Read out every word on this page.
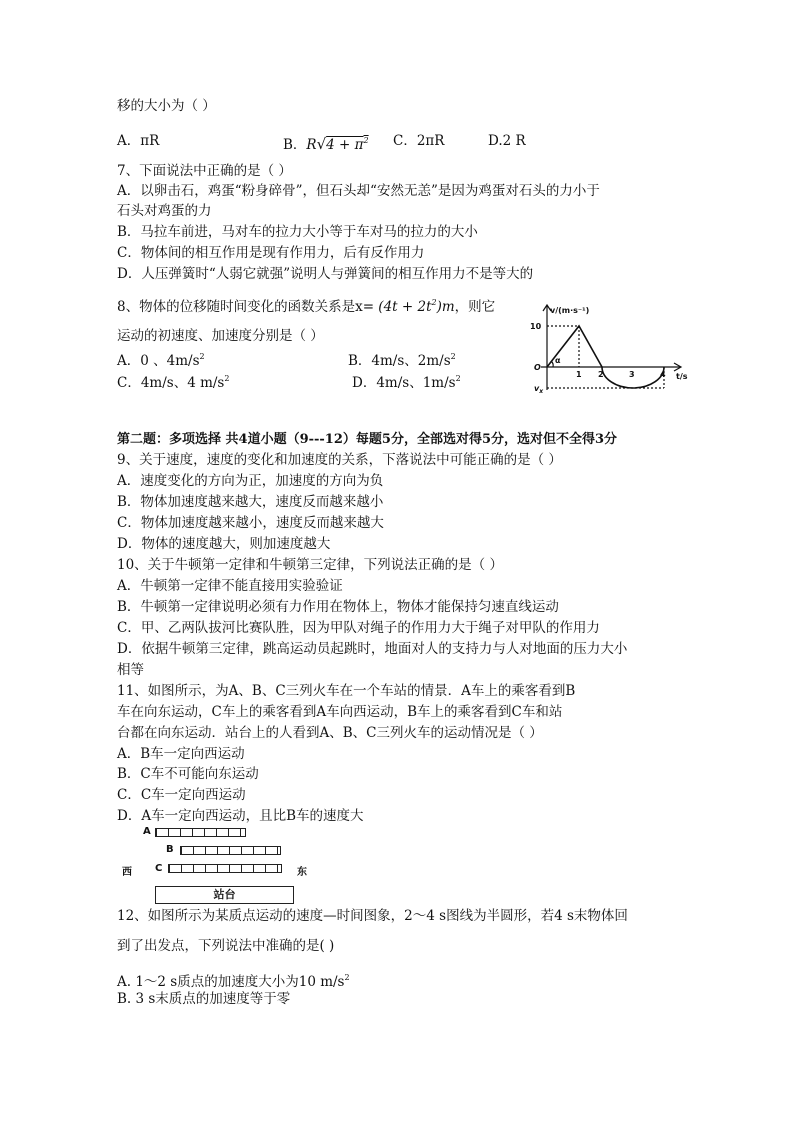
移的大小为（ ）
A．πR	B．$R√4 + \pi^2$ C．2πR	D.2 R
7、下面说法中正确的是（ ）
A．以卵击石，鸡蛋“粉身碎骨”，但石头却“安然无恙”是因为鸡蛋对石头的力小于
石头对鸡蛋的力
B．马拉车前进，马对车的拉力大小等于车对马的拉力的大小
C．物体间的相互作用是现有作用力，后有反作用力
D．人压弹簧时“人弱它就强”说明人与弹簧间的相互作用力不是等大的
8、物体的位移随时间变化的函数关系是$x= (4t + 2t^2)m$，则它
运动的初速度、加速度分别是（ ）
A．0 、$4m/s^2$	B．4m/s、$2m/s^2$
C．4m/s、4 $m/s^2$	D．4m/s、$1m/s^2$
v/(m·s⁻¹)
t/s
10
O
α
$v_x$
1 2	3	4
第二题：多项选择 共4道小题（9---12）每题5分，全部选对得5分，选对但不全得3分
9、关于速度，速度的变化和加速度的关系，下落说法中可能正确的是（ ）
A．速度变化的方向为正，加速度的方向为负
B．物体加速度越来越大，速度反而越来越小
C．物体加速度越来越小，速度反而越来越大
D．物体的速度越大，则加速度越大
10、关于牛顿第一定律和牛顿第三定律，下列说法正确的是（ ）
A．牛顿第一定律不能直接用实验验证
B．牛顿第一定律说明必须有力作用在物体上，物体才能保持匀速直线运动
C．甲、乙两队拔河比赛队胜，因为甲队对绳子的作用力大于绳子对甲队的作用力
D．依据牛顿第三定律，跳高运动员起跳时，地面对人的支持力与人对地面的压力大小
相等
11、如图所示，为A、B、C三列火车在一个车站的情景．A车上的乘客看到B
车在向东运动，C车上的乘客看到A车向西运动，B车上的乘客看到C车和站
台都在向东运动．站台上的人看到A、B、C三列火车的运动情况是（ ）
A．B车一定向西运动
B．C车不可能向东运动
C．C车一定向西运动
D．A车一定向西运动，且比B车的速度大
A
B
西 C	东
站台
12、如图所示为某质点运动的速度—时间图象，2～4 s图线为半圆形，若4 s末物体回
到了出发点，下列说法中准确的是( )
A. 1～2 s质点的加速度大小为10 $m/s^2$
B. 3 s末质点的加速度等于零
